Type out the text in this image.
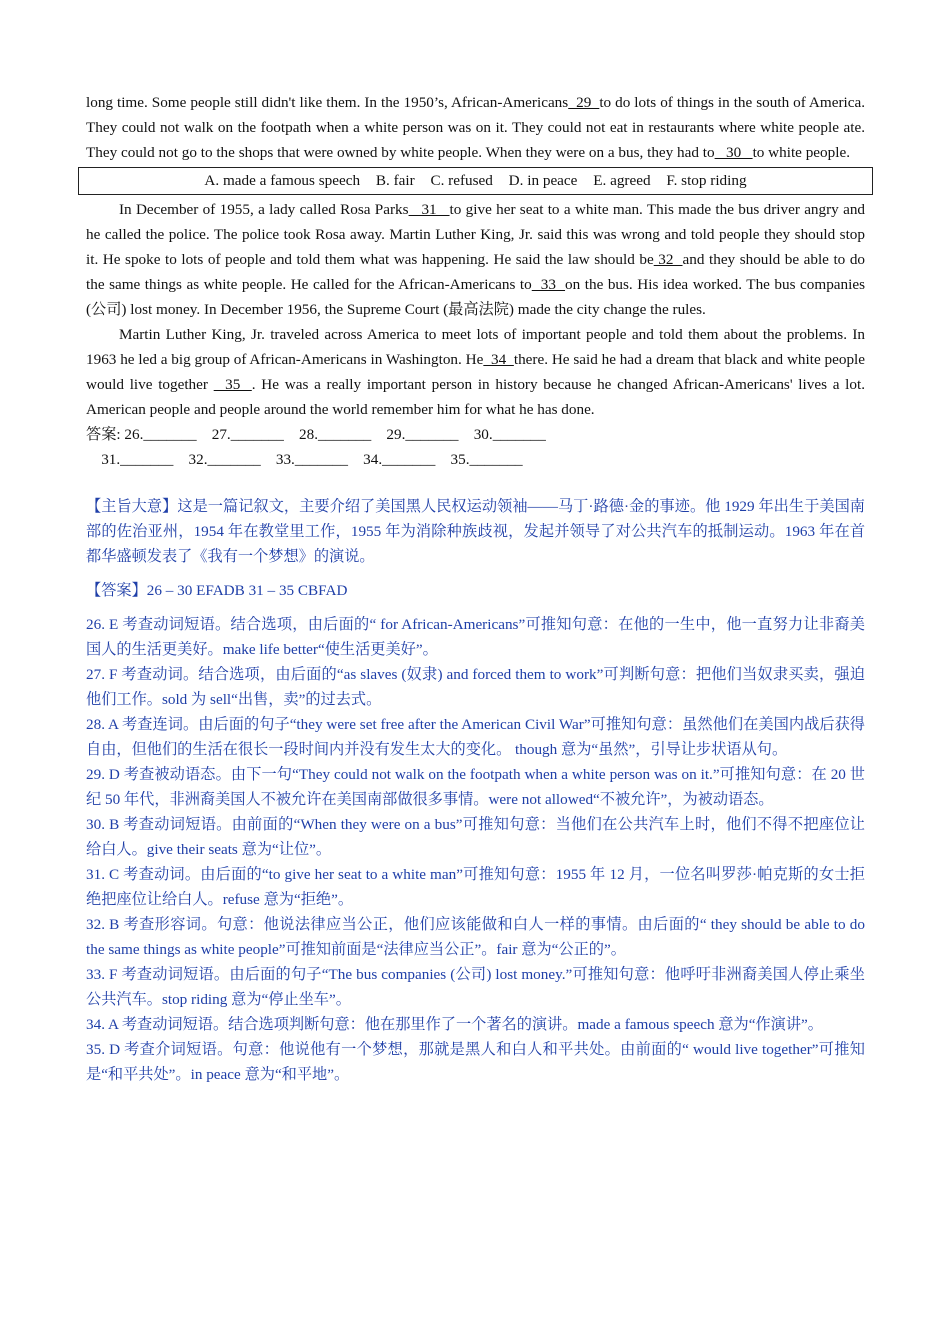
long time. Some people still didn't like them. In the 1950’s, African-Americans  29  to do lots of things in the south of America. They could not walk on the footpath when a white person was on it. They could not eat in restaurants where white people ate. They could not go to the shops that were owned by white people. When they were on a bus, they had to   30   to white people.

A. made a famous speech B. fair C. refused D. in peace E. agreed F. stop riding

In December of 1955, a lady called Rosa Parks   31   to give her seat to a white man. This made the bus driver angry and he called the police. The police took Rosa away. Martin Luther King, Jr. said this was wrong and told people they should stop it. He spoke to lots of people and told them what was happening. He said the law should be 32  and they should be able to do the same things as white people. He called for the African-Americans to  33  on the bus. His idea worked. The bus companies (公司) lost money. In December 1956, the Supreme Court (最高法院) made the city change the rules.

Martin Luther King, Jr. traveled across America to meet lots of important people and told them about the problems. In 1963 he led a big group of African-Americans in Washington. He  34  there. He said he had a dream that black and white people would live together   35  . He was a really important person in history because he changed African-Americans' lives a lot. American people and people around the world remember him for what he has done.

答案: 26._______    27._______    28._______    29._______    30._______

31._______    32._______    33._______    34._______    35._______

【主旨大意】这是一篇记叙文，主要介绍了美国黑人民权运动领袖——马丁·路德·金的事迹。他 1929 年出生于美国南部的佐治亚州，1954 年在教堂里工作，1955 年为消除种族歧视，发起并领导了对公共汽车的抵制运动。1963 年在首都华盛顿发表了《我有一个梦想》的演说。

【答案】26 – 30 EFADB 31 – 35 CBFAD

26. E 考查动词短语。结合选项，由后面的“ for African-Americans”可推知句意：在他的一生中，他一直努力让非裔美国人的生活更美好。make life better“使生活更美好”。

27. F 考查动词。结合选项，由后面的“as slaves (奴隶) and forced them to work”可判断句意：把他们当奴隶买卖，强迫他们工作。sold 为 sell“出售，卖”的过去式。

28. A 考查连词。由后面的句子“they were set free after the American Civil War”可推知句意：虽然他们在美国内战后获得自由，但他们的生活在很长一段时间内并没有发生太大的变化。 though 意为“虽然”，引导让步状语从句。

29. D 考查被动语态。由下一句“They could not walk on the footpath when a white person was on it.”可推知句意：在 20 世纪 50 年代，非洲裔美国人不被允许在美国南部做很多事情。were not allowed“不被允许”，为被动语态。

30. B 考查动词短语。由前面的“When they were on a bus”可推知句意：当他们在公共汽车上时，他们不得不把座位让给白人。give their seats 意为“让位”。

31. C 考查动词。由后面的“to give her seat to a white man”可推知句意：1955 年 12 月，一位名叫罗莎·帕克斯的女士拒绝把座位让给白人。refuse 意为“拒绝”。

32. B 考查形容词。句意：他说法律应当公正，他们应该能做和白人一样的事情。由后面的“ they should be able to do the same things as white people”可推知前面是“法律应当公正”。fair 意为“公正的”。

33. F 考查动词短语。由后面的句子“The bus companies (公司) lost money.”可推知句意：他呼吁非洲裔美国人停止乘坐公共汽车。stop riding 意为“停止坐车”。

34. A 考查动词短语。结合选项判断句意：他在那里作了一个著名的演讲。made a famous speech 意为“作演讲”。

35. D 考查介词短语。句意：他说他有一个梦想，那就是黑人和白人和平共处。由前面的“ would live together”可推知是“和平共处”。in peace 意为“和平地”。
